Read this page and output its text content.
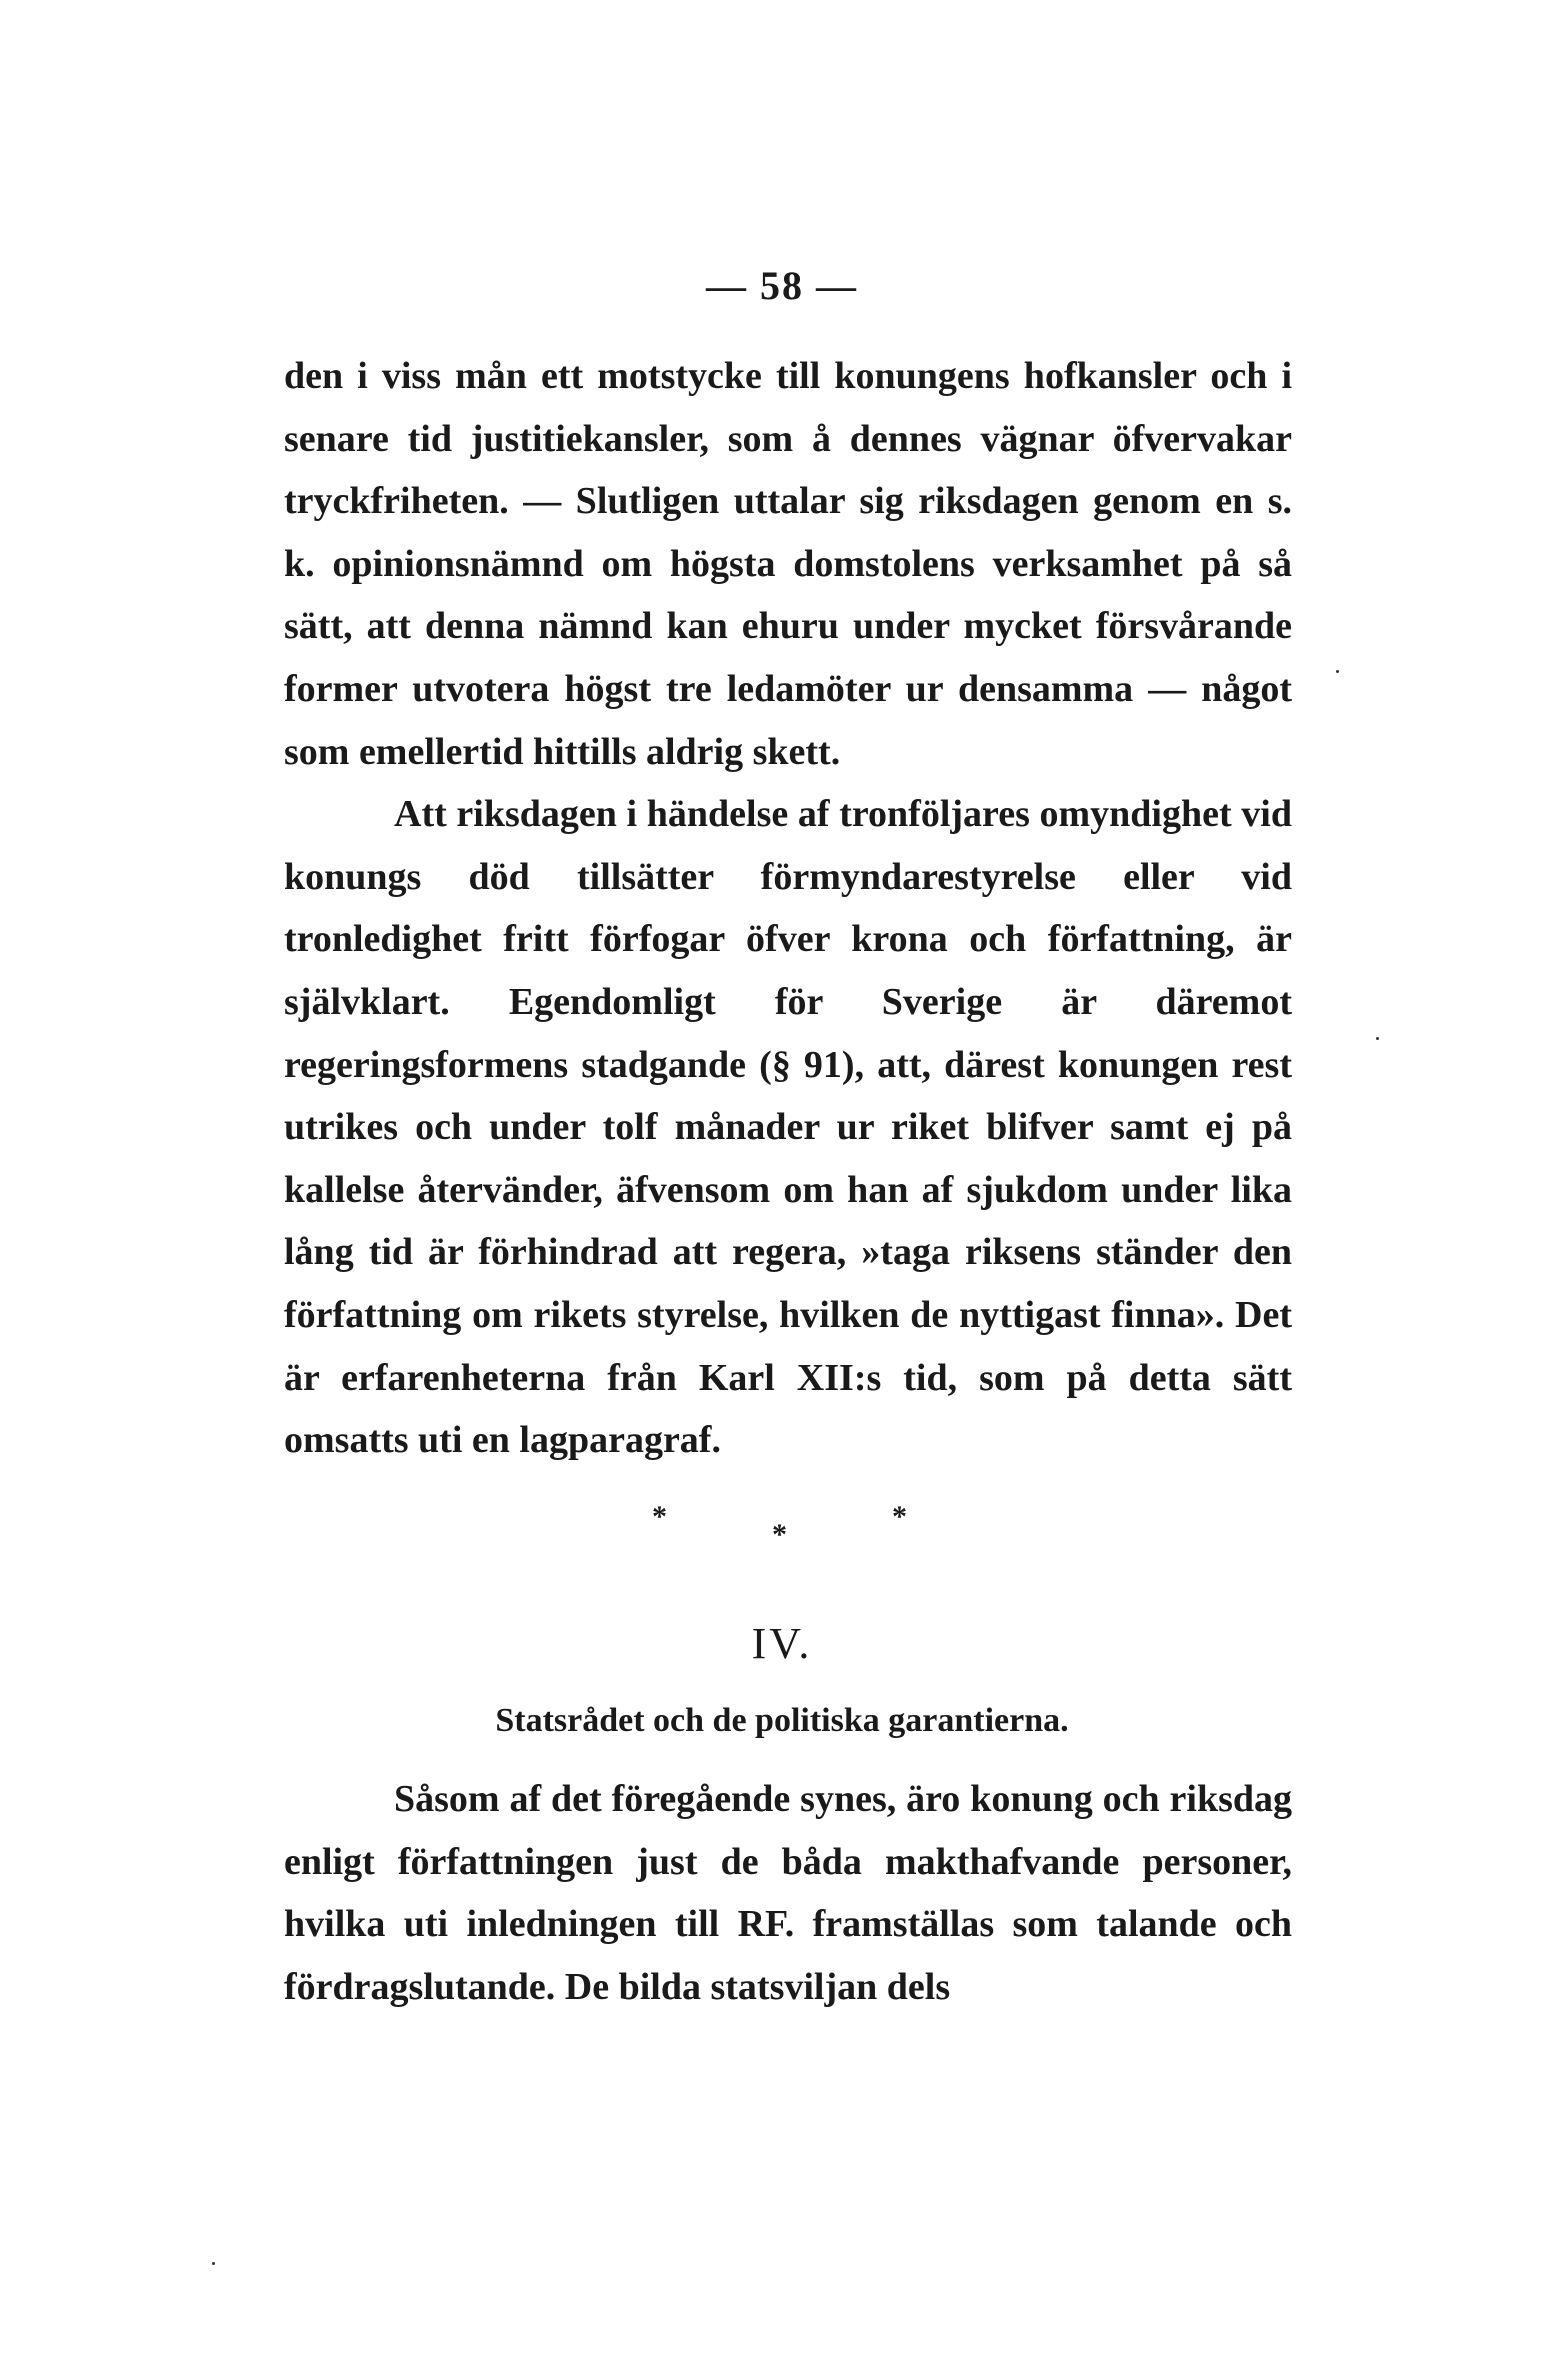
— 58 —

den i viss mån ett motstycke till konungens hofkansler och i senare tid justitiekansler, som å dennes vägnar öfvervakar tryckfriheten. — Slutligen uttalar sig riksdagen genom en s. k. opinionsnämnd om högsta domstolens verksamhet på så sätt, att denna nämnd kan ehuru under mycket försvårande former utvotera högst tre ledamöter ur densamma — något som emellertid hittills aldrig skett.

Att riksdagen i händelse af tronföljares omyndighet vid konungs död tillsätter förmyndarestyrelse eller vid tronledighet fritt förfogar öfver krona och författning, är självklart. Egendomligt för Sverige är däremot regeringsformens stadgande (§ 91), att, därest konungen rest utrikes och under tolf månader ur riket blifver samt ej på kallelse återvänder, äfvensom om han af sjukdom under lika lång tid är förhindrad att regera, »taga riksens ständer den författning om rikets styrelse, hvilken de nyttigast finna». Det är erfarenheterna från Karl XII:s tid, som på detta sätt omsatts uti en lagparagraf.

*
*
*
IV.
Statsrådet och de politiska garantierna.

Såsom af det föregående synes, äro konung och riksdag enligt författningen just de båda makthafvande personer, hvilka uti inledningen till RF. framställas som talande och fördragslutande. De bilda statsviljan dels
